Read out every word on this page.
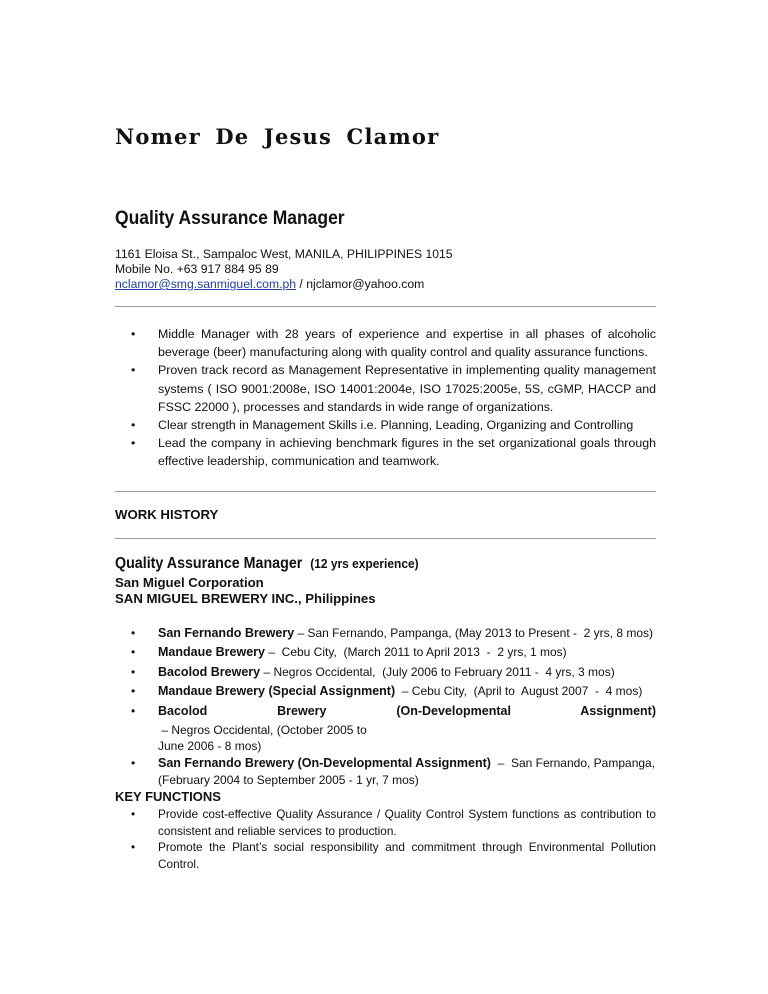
Nomer De Jesus Clamor
Quality Assurance Manager
1161 Eloisa St., Sampaloc West, MANILA, PHILIPPINES 1015
Mobile No. +63 917 884 95 89
nclamor@smg.sanmiguel.com.ph / njclamor@yahoo.com
• Middle Manager with 28 years of experience and expertise in all phases of alcoholic beverage (beer) manufacturing along with quality control and quality assurance functions.
• Proven track record as Management Representative in implementing quality management systems ( ISO 9001:2008e, ISO 14001:2004e, ISO 17025:2005e, 5S, cGMP, HACCP and FSSC 22000 ), processes and standards in wide range of organizations.
• Clear strength in Management Skills i.e. Planning, Leading, Organizing and Controlling
• Lead the company in achieving benchmark figures in the set organizational goals through effective leadership, communication and teamwork.
WORK HISTORY
Quality Assurance Manager (12 yrs experience)
San Miguel Corporation
SAN MIGUEL BREWERY INC., Philippines
• San Fernando Brewery – San Fernando, Pampanga, (May 2013 to Present -  2 yrs, 8 mos)
• Mandaue Brewery –  Cebu City,  (March 2011 to April 2013  -  2 yrs, 1 mos)
• Bacolod Brewery – Negros Occidental,  (July 2006 to February 2011 -  4 yrs, 3 mos)
• Mandaue Brewery (Special Assignment)  – Cebu City,  (April to  August 2007  -  4 mos)
• Bacolod Brewery (On-Developmental Assignment) – Negros Occidental, (October 2005 to
June 2006 - 8 mos)
• San Fernando Brewery (On-Developmental Assignment)  –  San Fernando, Pampanga,
(February 2004 to September 2005 - 1 yr, 7 mos)
KEY FUNCTIONS
• Provide cost-effective Quality Assurance / Quality Control System functions as contribution to consistent and reliable services to production.
• Promote the Plant’s social responsibility and commitment through Environmental Pollution Control.
